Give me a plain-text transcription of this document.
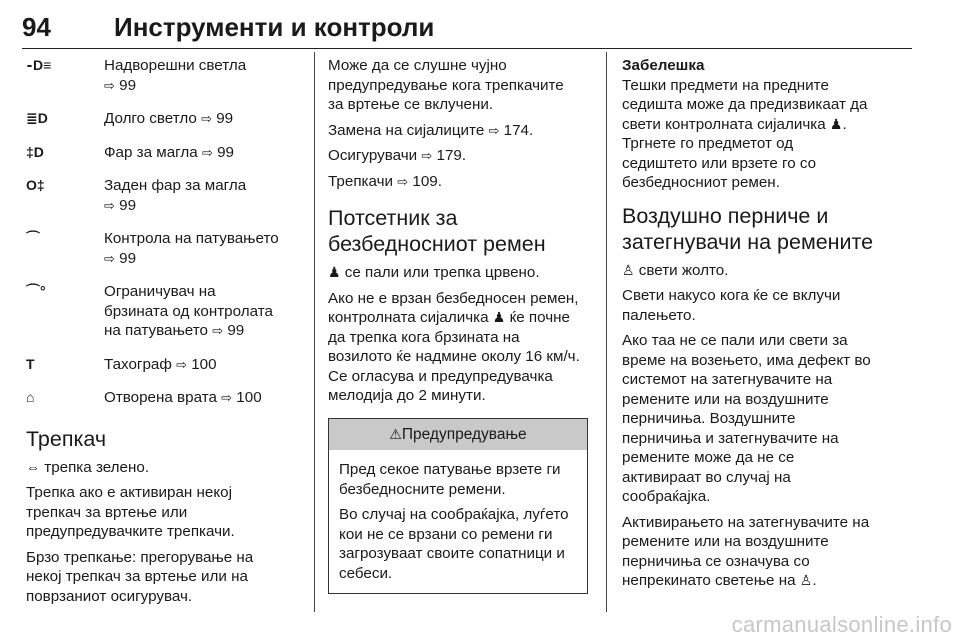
94 Инструменти и контроли
⁃D≡	Надворешни светла
⇨ 99
≣D	Долго светло ⇨ 99
‡D	Фар за магла ⇨ 99
O‡	Заден фар за магла
⇨ 99
⌒	Контрола на патувањето
⇨ 99
⌒°	Ограничувач на
брзината од контролата
на патувањето ⇨ 99
T	Тахограф ⇨ 100
⌂	Отворена врата ⇨ 100
Трепкач

⇔ трепка зелено.

Трепка ако е активиран некој
трепкач за вртење или
предупредувачките трепкачи.

Брзо трепкање: прегорување на
некој трепкач за вртење или на
поврзаниот осигурувач.

Може да се слушне чујно
предупредување кога трепкачите
за вртење се вклучени.

Замена на сијалиците ⇨ 174.

Осигурувачи ⇨ 179.

Трепкачи ⇨ 109.

Потсетник за
безбедносниот ремен

♟ се пали или трепка црвено.

Ако не е врзан безбедносен ремен,
контролната сијаличка ♟ ќе почне
да трепка кога брзината на
возилото ќе надмине околу 16 км/ч.
Се огласува и предупредувачка
мелодија до 2 минути.

⚠Предупредување

Пред секое патување врзете ги
безбедносните ремени.

Во случај на сообраќајка, луѓето
кои не се врзани со ремени ги
загрозуваат своите сопатници и
себеси.

Забелешка

Тешки предмети на предните
седишта може да предизвикаат да
свети контролната сијаличка ♟.
Тргнете го предметот од
седиштето или врзете го со
безбедносниот ремен.

Воздушно перниче и
затегнувачи на ремените

♙ свети жолто.

Свети накусо кога ќе се вклучи
палењето.

Ако таа не се пали или свети за
време на возењето, има дефект во
системот на затегнувачите на
ремените или на воздушните
перничиња. Воздушните
перничиња и затегнувачите на
ремените може да не се
активираат во случај на
сообраќајка.

Активирањето на затегнувачите на
ремените или на воздушните
перничиња се означува со
непрекинато светење на ♙.

carmanualsonline.info
